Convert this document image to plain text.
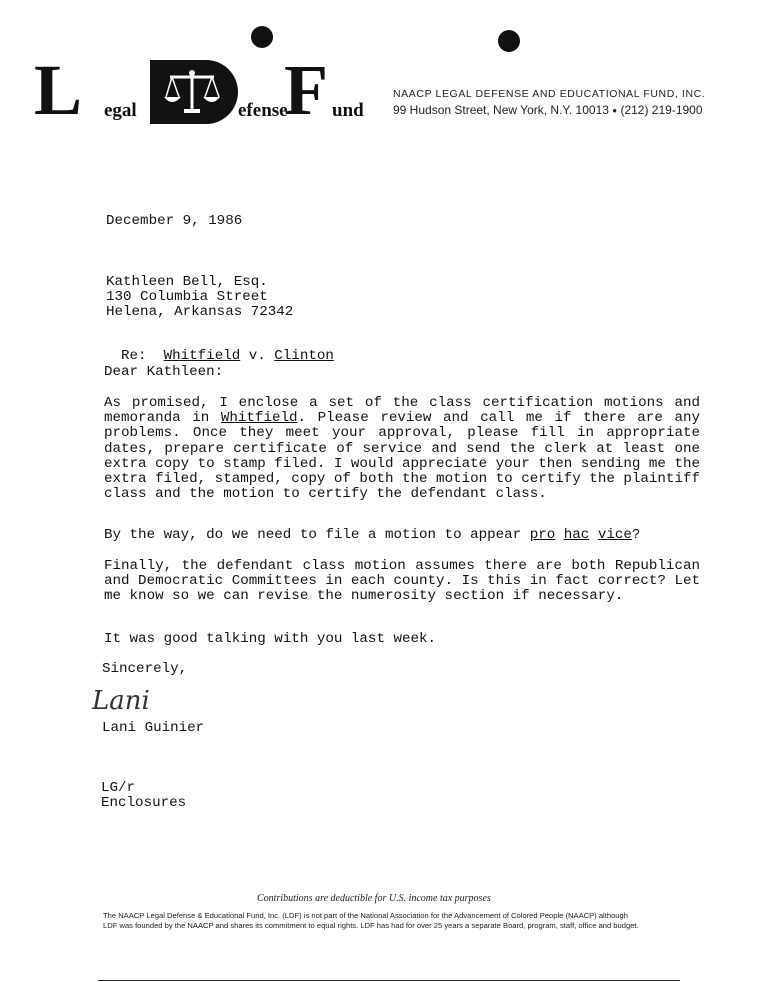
L egal	efense
F und
NAACP LEGAL DEFENSE AND EDUCATIONAL FUND, INC.
99 Hudson Street, New York, N.Y. 10013 ● (212) 219-1900
December 9, 1986
Kathleen Bell, Esq.
130 Columbia Street
Helena, Arkansas 72342

Re: Whitfield v. Clinton

Dear Kathleen:
As promised, I enclose a set of the class certification motions and memoranda in Whitfield. Please review and call me if there are any problems. Once they meet your approval, please fill in appropriate dates, prepare certificate of service and send the clerk at least one extra copy to stamp filed. I would appreciate your then sending me the extra filed, stamped, copy of both the motion to certify the plaintiff class and the motion to certify the defendant class.
By the way, do we need to file a motion to appear pro hac vice?
Finally, the defendant class motion assumes there are both Republican and Democratic Committees in each county. Is this in fact correct? Let me know so we can revise the numerosity section if necessary.
It was good talking with you last week.
Sincerely,
Lani
Lani Guinier
LG/r
Enclosures
Contributions are deductible for U.S. income tax purposes
The NAACP Legal Defense & Educational Fund, Inc. (LDF) is not part of the National Association for the Advancement of Colored People (NAACP) although
LDF was founded by the NAACP and shares its commitment to equal rights. LDF has had for over 25 years a separate Board, program, staff, office and budget.
